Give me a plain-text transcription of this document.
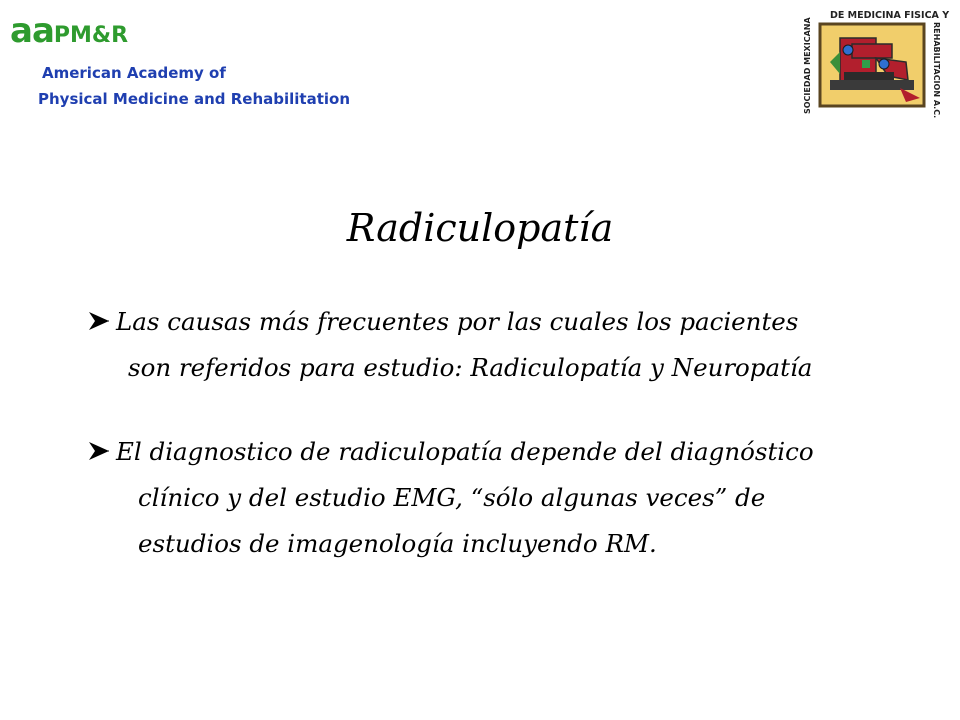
aaPM&R
American Academy of
Physical Medicine and Rehabilitation
DE MEDICINA FISICA Y
SOCIEDAD MEXICANA	REHABILITACION A.C.
Radiculopatía
Las causas más frecuentes por las cuales los pacientes
son referidos para estudio: Radiculopatía y Neuropatía
El diagnostico de radiculopatía depende del diagnóstico
clínico y del estudio EMG, “sólo algunas veces” de
estudios de imagenología incluyendo RM.
